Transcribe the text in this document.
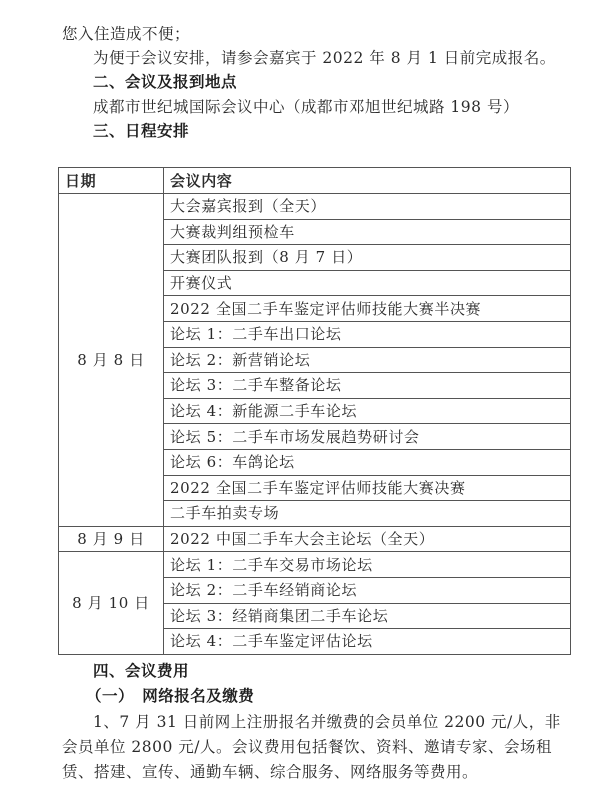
您入住造成不便；
为便于会议安排，请参会嘉宾于 2022 年 8 月 1 日前完成报名。
二、会议及报到地点
成都市世纪城国际会议中心（成都市邓旭世纪城路 198 号）
三、日程安排
日期	会议内容
8 月 8 日	大会嘉宾报到（全天）
	大赛裁判组预检车
	大赛团队报到（8 月 7 日）
	开赛仪式
	2022 全国二手车鉴定评估师技能大赛半决赛
	论坛 1：二手车出口论坛
	论坛 2：新营销论坛
	论坛 3：二手车整备论坛
	论坛 4：新能源二手车论坛
	论坛 5：二手车市场发展趋势研讨会
	论坛 6：车鸽论坛
	2022 全国二手车鉴定评估师技能大赛决赛
	二手车拍卖专场
8 月 9 日	2022 中国二手车大会主论坛（全天）
8 月 10 日	论坛 1：二手车交易市场论坛
	论坛 2：二手车经销商论坛
	论坛 3：经销商集团二手车论坛
	论坛 4：二手车鉴定评估论坛
四、会议费用
（一）　网络报名及缴费
1、7 月 31 日前网上注册报名并缴费的会员单位 2200 元/人，非
会员单位 2800 元/人。会议费用包括餐饮、资料、邀请专家、会场租
赁、搭建、宣传、通勤车辆、综合服务、网络服务等费用。
